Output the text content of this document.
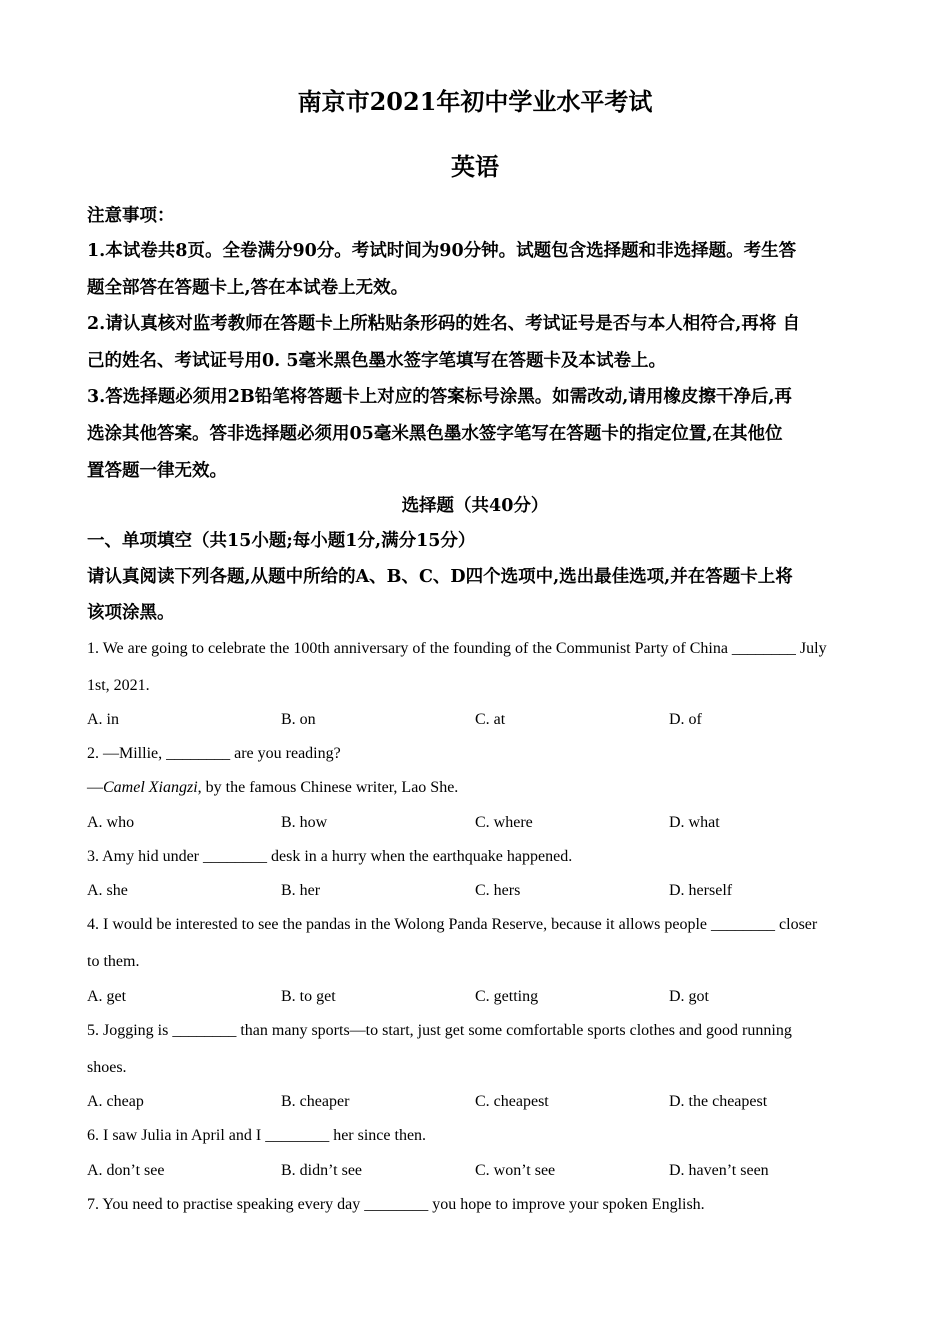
南京市2021年初中学业水平考试
英语
注意事项：
1.本试卷共8页。全卷满分90分。考试时间为90分钟。试题包含选择题和非选择题。考生答
题全部答在答题卡上,答在本试卷上无效。
2.请认真核对监考教师在答题卡上所粘贴条形码的姓名、考试证号是否与本人相符合,再将 自
己的姓名、考试证号用0. 5毫米黑色墨水签字笔填写在答题卡及本试卷上。
3.答选择题必须用2B铅笔将答题卡上对应的答案标号涂黑。如需改动,请用橡皮擦干净后,再
选涂其他答案。答非选择题必须用05毫米黑色墨水签字笔写在答题卡的指定位置,在其他位
置答题一律无效。
选择题（共40分）
一、单项填空（共15小题;每小题1分,满分15分）
请认真阅读下列各题,从题中所给的A、B、C、D四个选项中,选出最佳选项,并在答题卡上将
该项涂黑。
1. We are going to celebrate the 100th anniversary of the founding of the Communist Party of China ________ July
1st, 2021.
A. in	B. on	C. at	D. of
2. —Millie, ________ are you reading?
—Camel Xiangzi, by the famous Chinese writer, Lao She.
A. who	B. how	C. where	D. what
3. Amy hid under ________ desk in a hurry when the earthquake happened.
A. she	B. her	C. hers	D. herself
4. I would be interested to see the pandas in the Wolong Panda Reserve, because it allows people ________ closer
to them.
A. get	B. to get	C. getting	D. got
5. Jogging is ________ than many sports—to start, just get some comfortable sports clothes and good running
shoes.
A. cheap	B. cheaper	C. cheapest	D. the cheapest
6. I saw Julia in April and I ________ her since then.
A. don’t see	B. didn’t see	C. won’t see	D. haven’t seen
7. You need to practise speaking every day ________ you hope to improve your spoken English.
